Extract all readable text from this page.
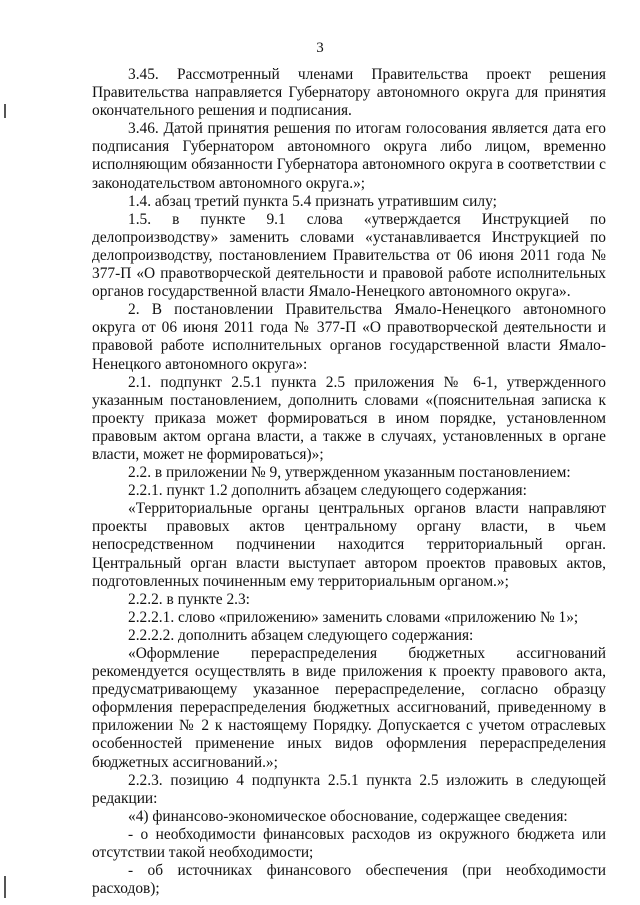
3

3.45. Рассмотренный членами Правительства проект решения Правительства направляется Губернатору автономного округа для принятия окончательного решения и подписания.

3.46. Датой принятия решения по итогам голосования является дата его подписания Губернатором автономного округа либо лицом, временно исполняющим обязанности Губернатора автономного округа в соответствии с законодательством автономного округа.»;

1.4. абзац третий пункта 5.4 признать утратившим силу;

1.5. в пункте 9.1 слова «утверждается Инструкцией по делопроизводству» заменить словами «устанавливается Инструкцией по делопроизводству, постановлением Правительства от 06 июня 2011 года № 377-П «О правотворческой деятельности и правовой работе исполнительных органов государственной власти Ямало-Ненецкого автономного округа».

2. В постановлении Правительства Ямало-Ненецкого автономного округа от 06 июня 2011 года № 377-П «О правотворческой деятельности и правовой работе исполнительных органов государственной власти Ямало-Ненецкого автономного округа»:

2.1. подпункт 2.5.1 пункта 2.5 приложения № 6-1, утвержденного указанным постановлением, дополнить словами «(пояснительная записка к проекту приказа может формироваться в ином порядке, установленном правовым актом органа власти, а также в случаях, установленных в органе власти, может не формироваться)»;

2.2. в приложении № 9, утвержденном указанным постановлением:

2.2.1. пункт 1.2 дополнить абзацем следующего содержания:

«Территориальные органы центральных органов власти направляют проекты правовых актов центральному органу власти, в чьем непосредственном подчинении находится территориальный орган. Центральный орган власти выступает автором проектов правовых актов, подготовленных починенным ему территориальным органом.»;

2.2.2. в пункте 2.3:

2.2.2.1. слово «приложению» заменить словами «приложению № 1»;

2.2.2.2. дополнить абзацем следующего содержания:

«Оформление перераспределения бюджетных ассигнований рекомендуется осуществлять в виде приложения к проекту правового акта, предусматривающему указанное перераспределение, согласно образцу оформления перераспределения бюджетных ассигнований, приведенному в приложении № 2 к настоящему Порядку. Допускается с учетом отраслевых особенностей применение иных видов оформления перераспределения бюджетных ассигнований.»;

2.2.3. позицию 4 подпункта 2.5.1 пункта 2.5 изложить в следующей редакции:

«4) финансово-экономическое обоснование, содержащее сведения:

- о необходимости финансовых расходов из окружного бюджета или отсутствии такой необходимости;

- об источниках финансового обеспечения (при необходимости расходов);
